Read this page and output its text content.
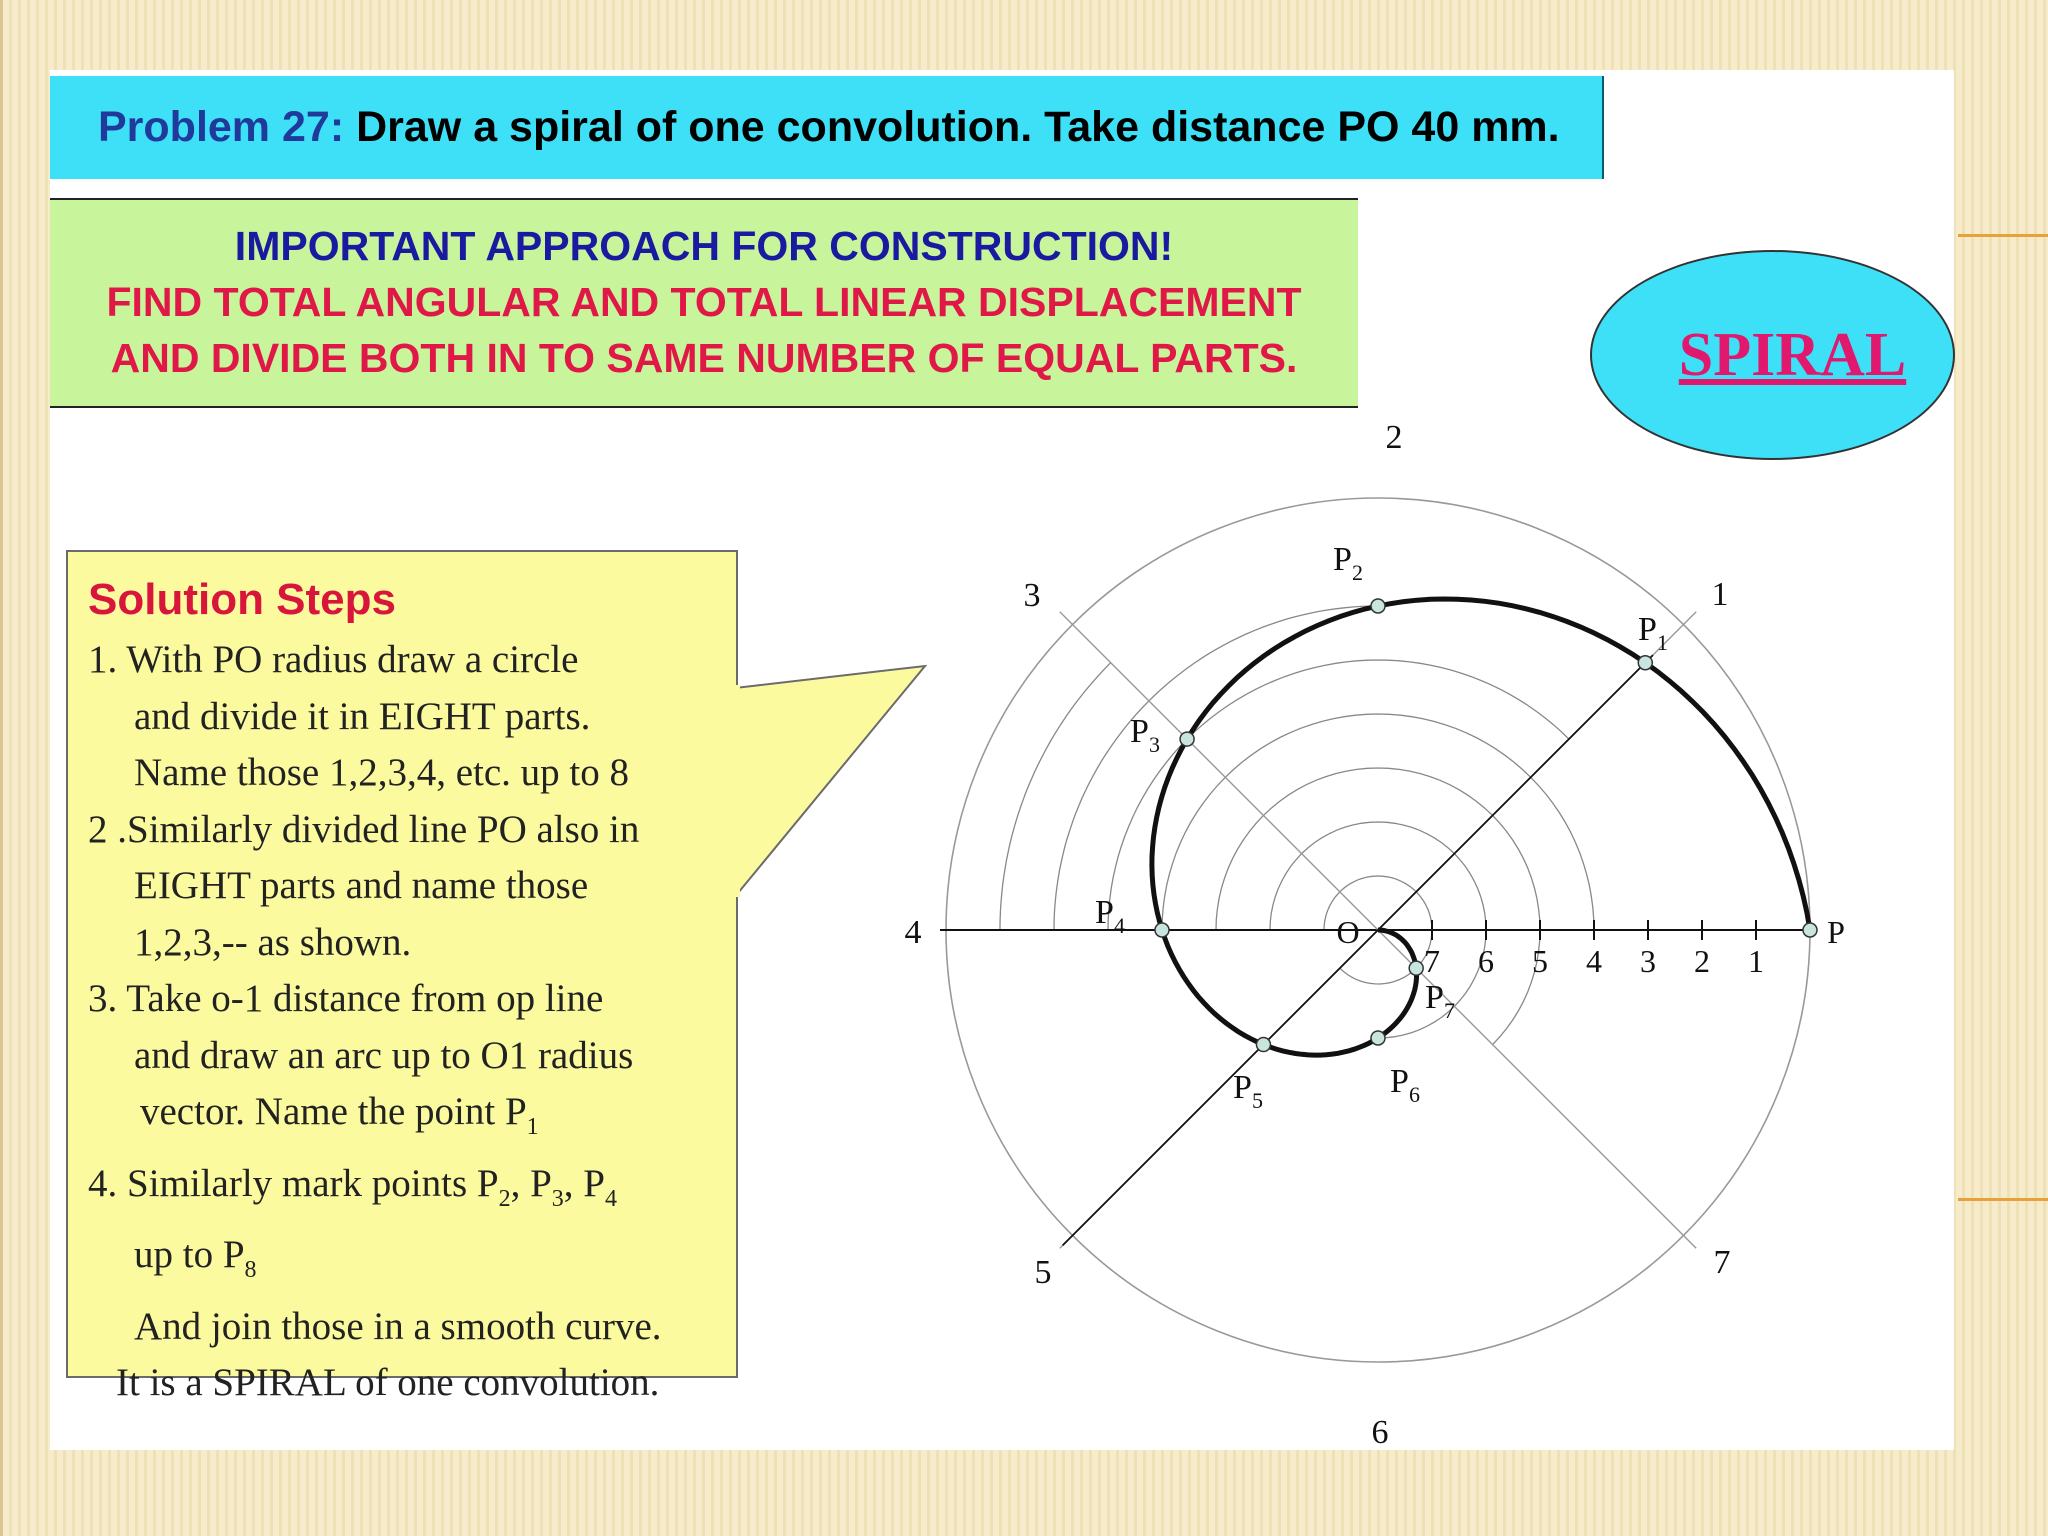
Problem 27: Draw a spiral of one convolution. Take distance PO 40 mm.
IMPORTANT APPROACH FOR CONSTRUCTION!
FIND TOTAL ANGULAR AND TOTAL LINEAR DISPLACEMENT
AND DIVIDE BOTH IN TO SAME NUMBER OF EQUAL PARTS.	SPIRAL
Solution Steps
1. With PO radius draw a circle
and divide it in EIGHT parts.
Name those 1,2,3,4, etc. up to 8
2 .Similarly divided line PO also in
EIGHT parts and name those
1,2,3,-- as shown.
3. Take o-1 distance from op line
and draw an arc up to O1 radius
vector. Name the point $P_1$
4. Similarly mark points $P_2$, $P_3$, $P_4$
up to $P_8$
And join those in a smooth curve.
It is a SPIRAL of one convolution.
1
2
3
4
5
6
7
1
2
3
4
5
6
7
O	P
$P_1$
$P_2$
$P_3$
$P_4$
$P_5$
$P_6$
$P_7$
